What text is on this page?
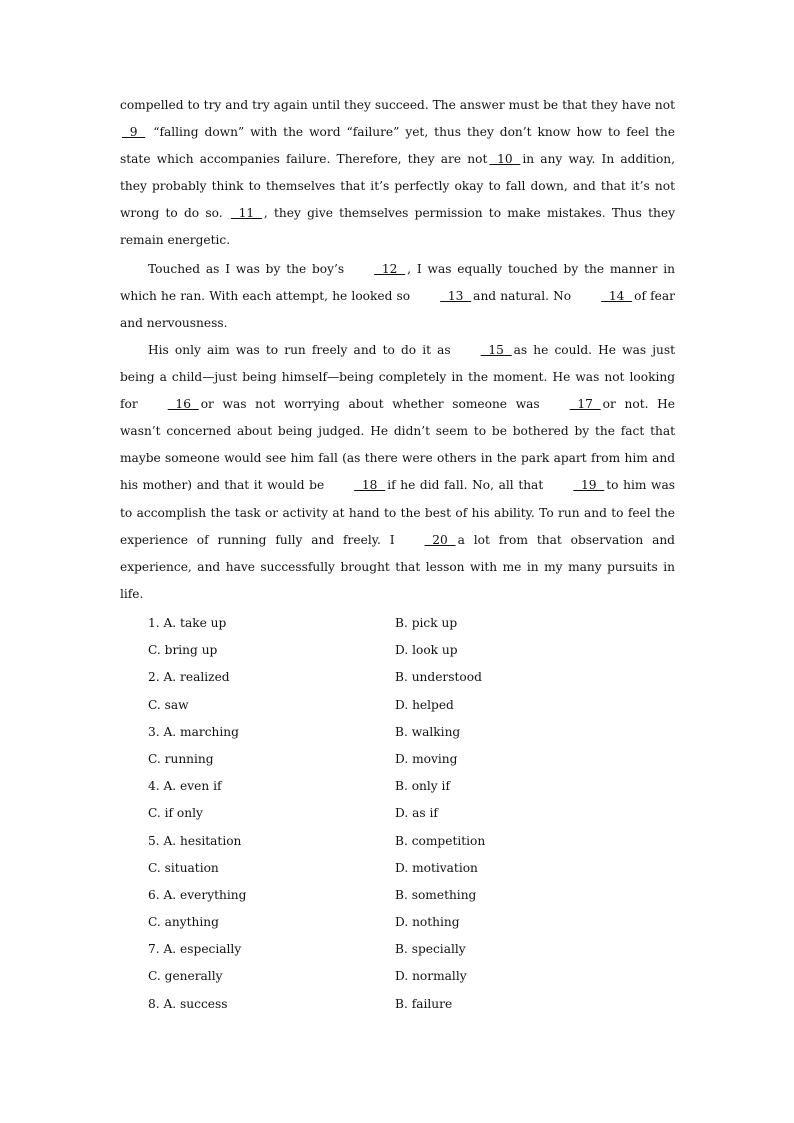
compelled to try and try again until they succeed. The answer must be that they have not  9   “falling down” with the word “failure” yet, thus they don’t know how to feel the state which accompanies failure. Therefore, they are not  10  in any way. In addition, they probably think to themselves that it’s perfectly okay to fall down, and that it’s not wrong to do so.   11  , they give themselves permission to make mistakes. Thus they remain energetic.

Touched as I was by the boy’s  12  , I was equally touched by the manner in which he ran. With each attempt, he looked so  13  and natural. No  14  of fear and nervousness.

His only aim was to run freely and to do it as  15  as he could. He was just being a child—just being himself—being completely in the moment. He was not looking for  16  or was not worrying about whether someone was  17  or not. He wasn’t concerned about being judged. He didn’t seem to be bothered by the fact that maybe someone would see him fall (as there were others in the park apart from him and his mother) and that it would be  18  if he did fall. No, all that  19  to him was to accomplish the task or activity at hand to the best of his ability. To run and to feel the experience of running fully and freely. I  20  a lot from that observation and experience, and have successfully brought that lesson with me in my many pursuits in life.

1. A. take up	B. pick up
C. bring up	D. look up
2. A. realized	B. understood
C. saw	D. helped
3. A. marching	B. walking
C. running	D. moving
4. A. even if	B. only if
C. if only	D. as if
5. A. hesitation	B. competition
C. situation	D. motivation
6. A. everything	B. something
C. anything	D. nothing
7. A. especially	B. specially
C. generally	D. normally
8. A. success	B. failure
